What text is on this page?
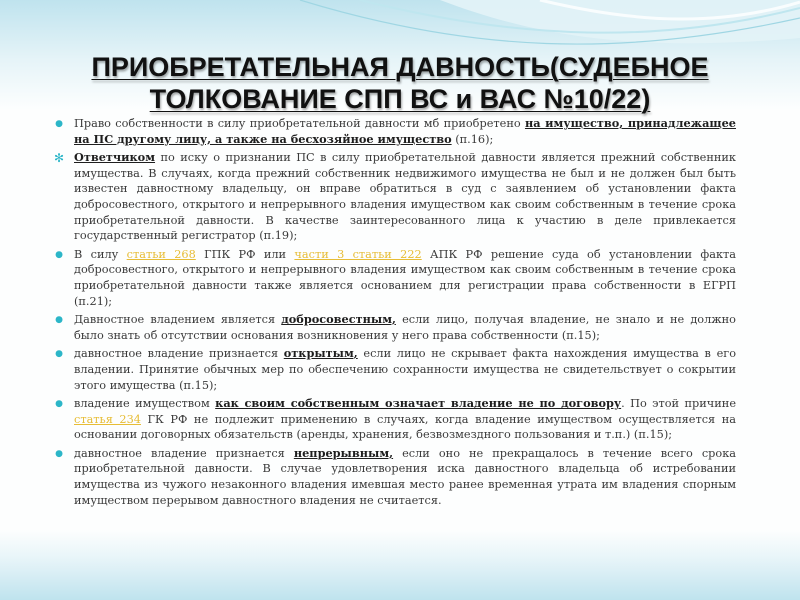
ПРИОБРЕТАТЕЛЬНАЯ ДАВНОСТЬ(СУДЕБНОЕ ТОЛКОВАНИЕ СПП ВС и ВАС №10/22)
● Право собственности в силу приобретательной давности мб приобретено на имущество, принадлежащее на ПС другому лицу, а также на бесхозяйное имущество (п.16);
✻ Ответчиком по иску о признании ПС в силу приобретательной давности является прежний собственник имущества. В случаях, когда прежний собственник недвижимого имущества не был и не должен был быть известен давностному владельцу, он вправе обратиться в суд с заявлением об установлении факта добросовестного, открытого и непрерывного владения имуществом как своим собственным в течение срока приобретательной давности. В качестве заинтересованного лица к участию в деле привлекается государственный регистратор (п.19);
● В силу статьи 268 ГПК РФ или части 3 статьи 222 АПК РФ решение суда об установлении факта добросовестного, открытого и непрерывного владения имуществом как своим собственным в течение срока приобретательной давности также является основанием для регистрации права собственности в ЕГРП (п.21);
● Давностное владением является добросовестным, если лицо, получая владение, не знало и не должно было знать об отсутствии основания возникновения у него права собственности (п.15);
● давностное владение признается открытым, если лицо не скрывает факта нахождения имущества в его владении. Принятие обычных мер по обеспечению сохранности имущества не свидетельствует о сокрытии этого имущества (п.15);
● владение имуществом как своим собственным означает владение не по договору. По этой причине статья 234 ГК РФ не подлежит применению в случаях, когда владение имуществом осуществляется на основании договорных обязательств (аренды, хранения, безвозмездного пользования и т.п.) (п.15);
● давностное владение признается непрерывным, если оно не прекращалось в течение всего срока приобретательной давности. В случае удовлетворения иска давностного владельца об истребовании имущества из чужого незаконного владения имевшая место ранее временная утрата им владения спорным имуществом перерывом давностного владения не считается.
